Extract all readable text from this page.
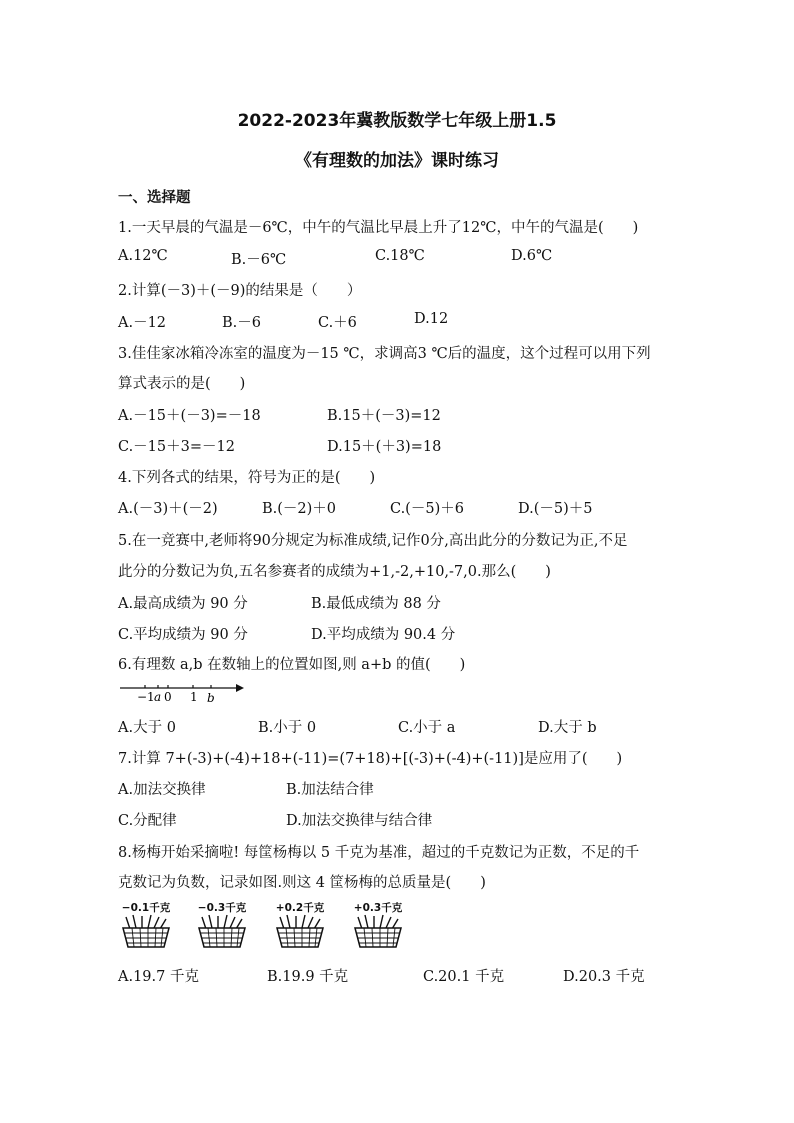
2022-2023年冀教版数学七年级上册1.5
《有理数的加法》课时练习
一、选择题
1.一天早晨的气温是－6℃，中午的气温比早晨上升了12℃，中午的气温是(　　)
A.12℃	B.－6℃	C.18℃	D.6℃
2.计算(－3)＋(－9)的结果是（　　）
A.－12	B.－6	C.＋6	D.12
3.佳佳家冰箱冷冻室的温度为－15 ℃，求调高3 ℃后的温度，这个过程可以用下列
算式表示的是(　　)
A.－15＋(－3)=－18	B.15＋(－3)=12
C.－15＋3=－12	D.15＋(＋3)=18
4.下列各式的结果，符号为正的是(　　)
A.(－3)＋(－2)	B.(－2)＋0	C.(－5)＋6	D.(－5)＋5
5.在一竞赛中,老师将90分规定为标准成绩,记作0分,高出此分的分数记为正,不足
此分的分数记为负,五名参赛者的成绩为+1,-2,+10,-7,0.那么(　　)
A.最高成绩为 90 分	B.最低成绩为 88 分
C.平均成绩为 90 分	D.平均成绩为 90.4 分
6.有理数 a,b 在数轴上的位置如图,则 a+b 的值(　　)
−1 a 0 1 b
A.大于 0	B.小于 0	C.小于 a	D.大于 b
7.计算 7+(-3)+(-4)+18+(-11)=(7+18)+[(-3)+(-4)+(-11)]是应用了(　　)
A.加法交换律	B.加法结合律
C.分配律	D.加法交换律与结合律
8.杨梅开始采摘啦! 每筐杨梅以 5 千克为基准，超过的千克数记为正数，不足的千
克数记为负数，记录如图.则这 4 筐杨梅的总质量是(　　)
−0.1千克	−0.3千克	+0.2千克	+0.3千克
A.19.7 千克	B.19.9 千克	C.20.1 千克	D.20.3 千克
